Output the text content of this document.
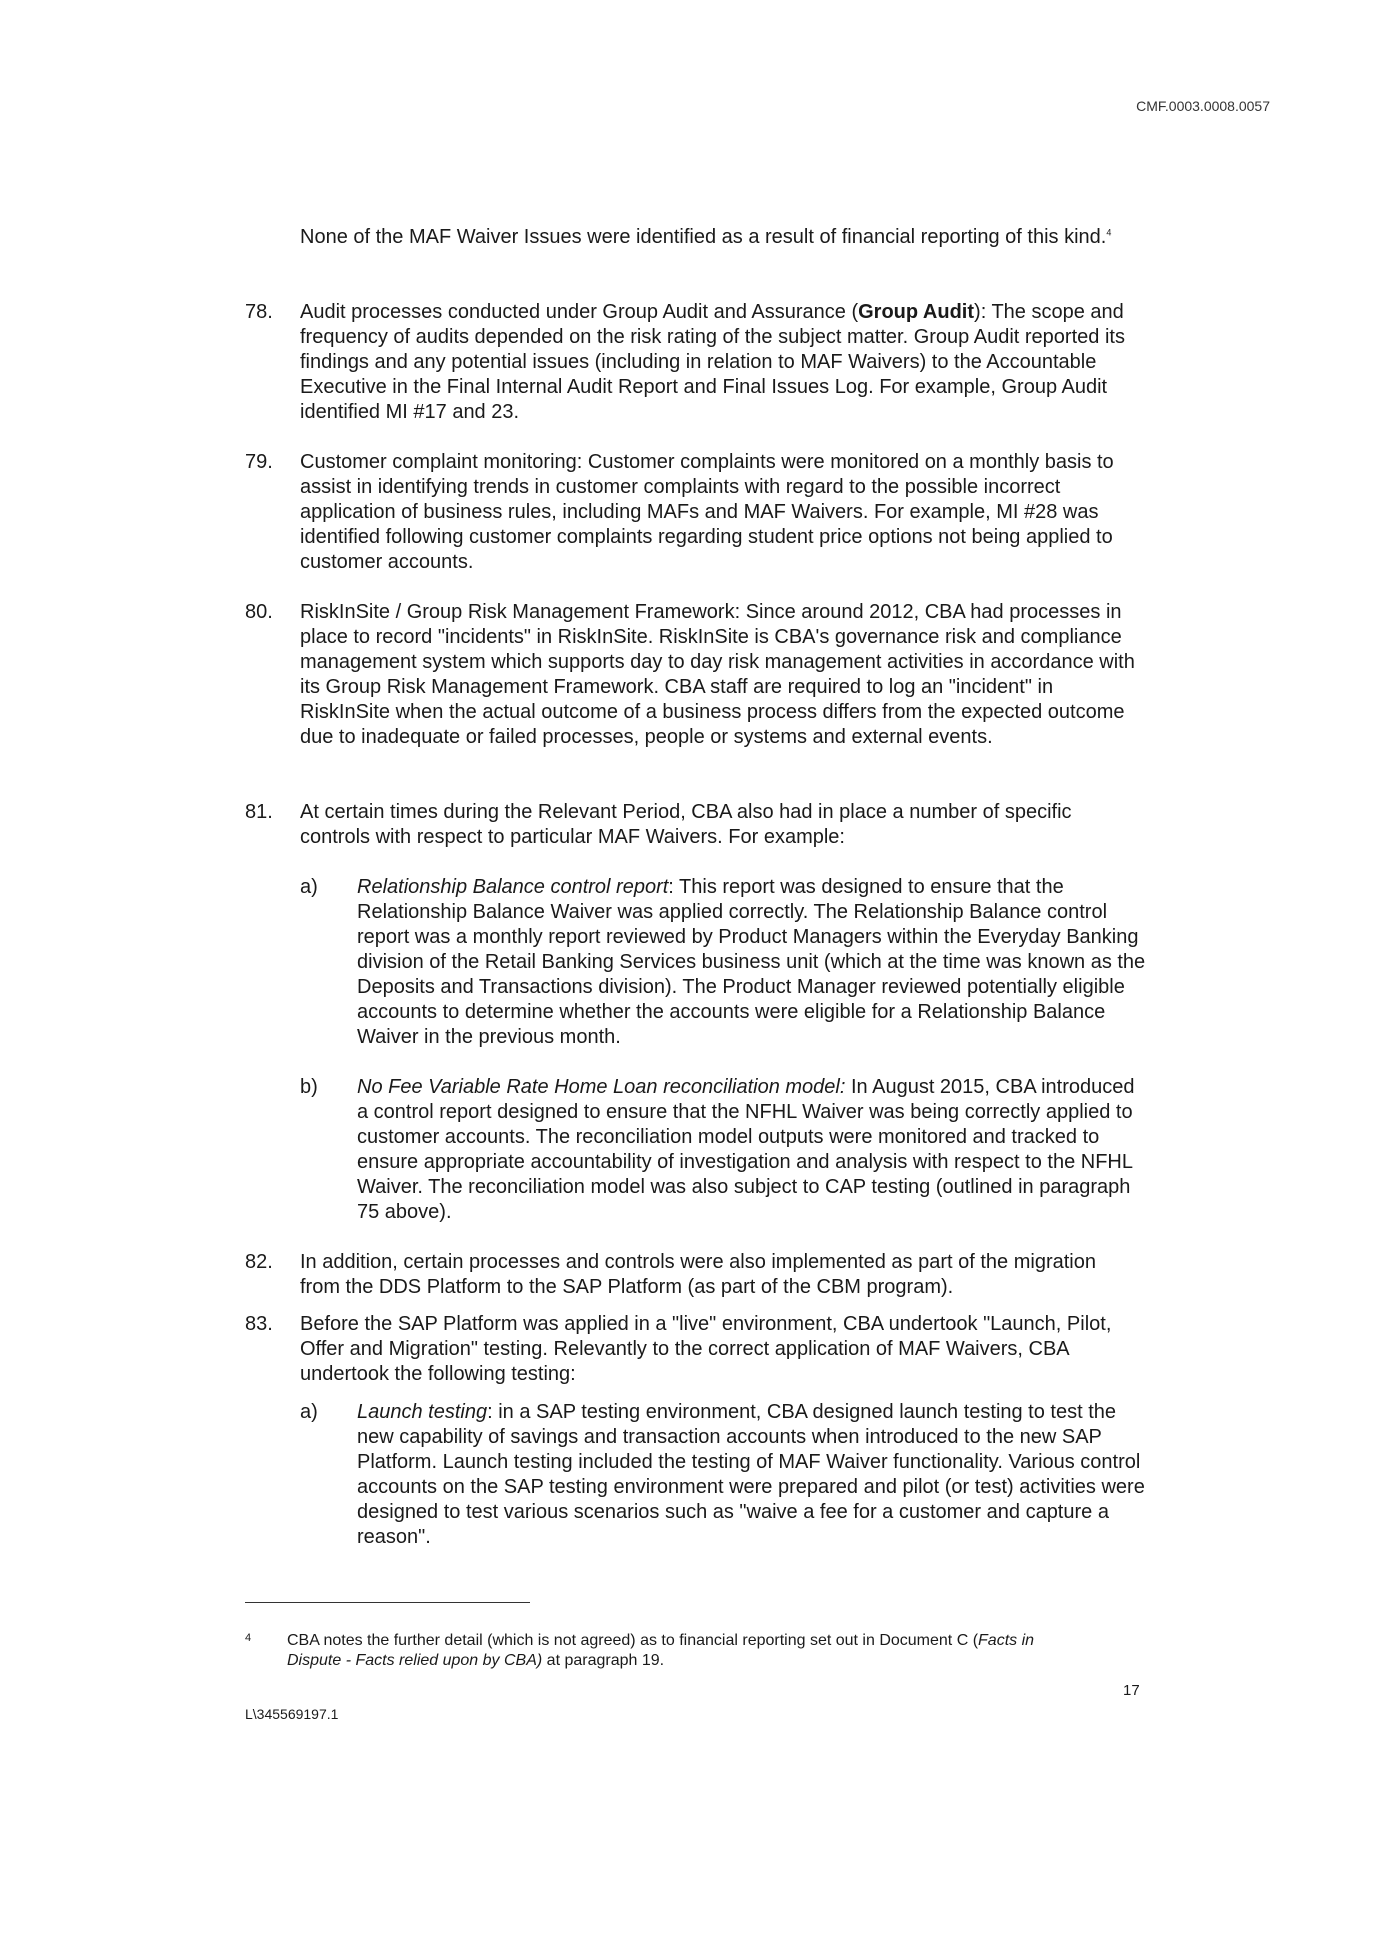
CMF.0003.0008.0057
None of the MAF Waiver Issues were identified as a result of financial reporting of this kind.$^4$
78.	Audit processes conducted under Group Audit and Assurance (Group Audit): The scope and frequency of audits depended on the risk rating of the subject matter. Group Audit reported its findings and any potential issues (including in relation to MAF Waivers) to the Accountable Executive in the Final Internal Audit Report and Final Issues Log. For example, Group Audit identified MI #17 and 23.
79.	Customer complaint monitoring: Customer complaints were monitored on a monthly basis to assist in identifying trends in customer complaints with regard to the possible incorrect application of business rules, including MAFs and MAF Waivers. For example, MI #28 was identified following customer complaints regarding student price options not being applied to customer accounts.
80.	RiskInSite / Group Risk Management Framework: Since around 2012, CBA had processes in place to record "incidents" in RiskInSite. RiskInSite is CBA's governance risk and compliance management system which supports day to day risk management activities in accordance with its Group Risk Management Framework. CBA staff are required to log an "incident" in RiskInSite when the actual outcome of a business process differs from the expected outcome due to inadequate or failed processes, people or systems and external events.
81.	At certain times during the Relevant Period, CBA also had in place a number of specific controls with respect to particular MAF Waivers. For example:
a)	Relationship Balance control report: This report was designed to ensure that the Relationship Balance Waiver was applied correctly. The Relationship Balance control report was a monthly report reviewed by Product Managers within the Everyday Banking division of the Retail Banking Services business unit (which at the time was known as the Deposits and Transactions division). The Product Manager reviewed potentially eligible accounts to determine whether the accounts were eligible for a Relationship Balance Waiver in the previous month.
b)	No Fee Variable Rate Home Loan reconciliation model: In August 2015, CBA introduced a control report designed to ensure that the NFHL Waiver was being correctly applied to customer accounts. The reconciliation model outputs were monitored and tracked to ensure appropriate accountability of investigation and analysis with respect to the NFHL Waiver. The reconciliation model was also subject to CAP testing (outlined in paragraph 75 above).
82.	In addition, certain processes and controls were also implemented as part of the migration from the DDS Platform to the SAP Platform (as part of the CBM program).
83.	Before the SAP Platform was applied in a "live" environment, CBA undertook "Launch, Pilot, Offer and Migration" testing. Relevantly to the correct application of MAF Waivers, CBA undertook the following testing:
a)	Launch testing: in a SAP testing environment, CBA designed launch testing to test the new capability of savings and transaction accounts when introduced to the new SAP Platform. Launch testing included the testing of MAF Waiver functionality. Various control accounts on the SAP testing environment were prepared and pilot (or test) activities were designed to test various scenarios such as "waive a fee for a customer and capture a reason".
4	CBA notes the further detail (which is not agreed) as to financial reporting set out in Document C (Facts in Dispute - Facts relied upon by CBA) at paragraph 19.
17
L\345569197.1
